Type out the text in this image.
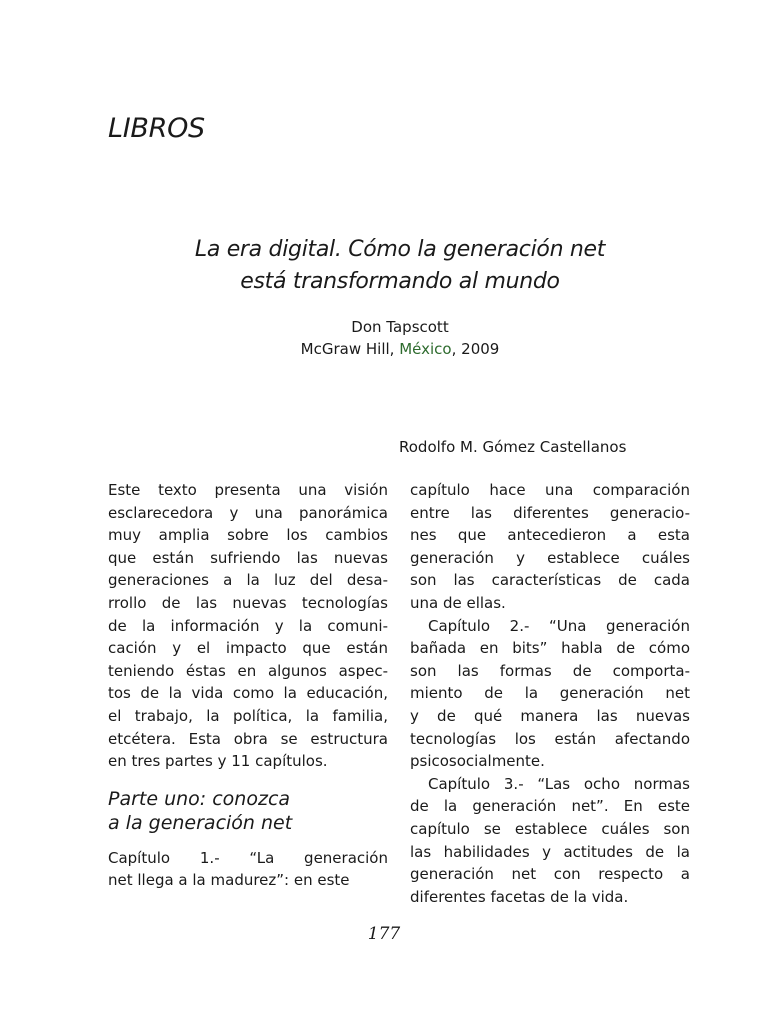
LIBROS
La era digital. Cómo la generación net
está transformando al mundo
Don Tapscott
McGraw Hill, México, 2009
Rodolfo M. Gómez Castellanos

Este texto presenta una visión
esclarecedora y una panorámica
muy amplia sobre los cambios
que están sufriendo las nuevas
generaciones a la luz del desa-
rrollo de las nuevas tecnologías
de la información y la comuni-
cación y el impacto que están
teniendo éstas en algunos aspec-
tos de la vida como la educación,
el trabajo, la política, la familia,
etcétera. Esta obra se estructura
en tres partes y 11 capítulos.

Parte uno: conozca
a la generación net

Capítulo 1.- “La generación
net llega a la madurez”: en este

capítulo hace una comparación
entre las diferentes generacio-
nes que antecedieron a esta
generación y establece cuáles
son las características de cada
una de ellas.

Capítulo 2.- “Una generación
bañada en bits” habla de cómo
son las formas de comporta-
miento de la generación net
y de qué manera las nuevas
tecnologías los están afectando
psicosocialmente.

Capítulo 3.- “Las ocho normas
de la generación net”. En este
capítulo se establece cuáles son
las habilidades y actitudes de la
generación net con respecto a
diferentes facetas de la vida.

177
